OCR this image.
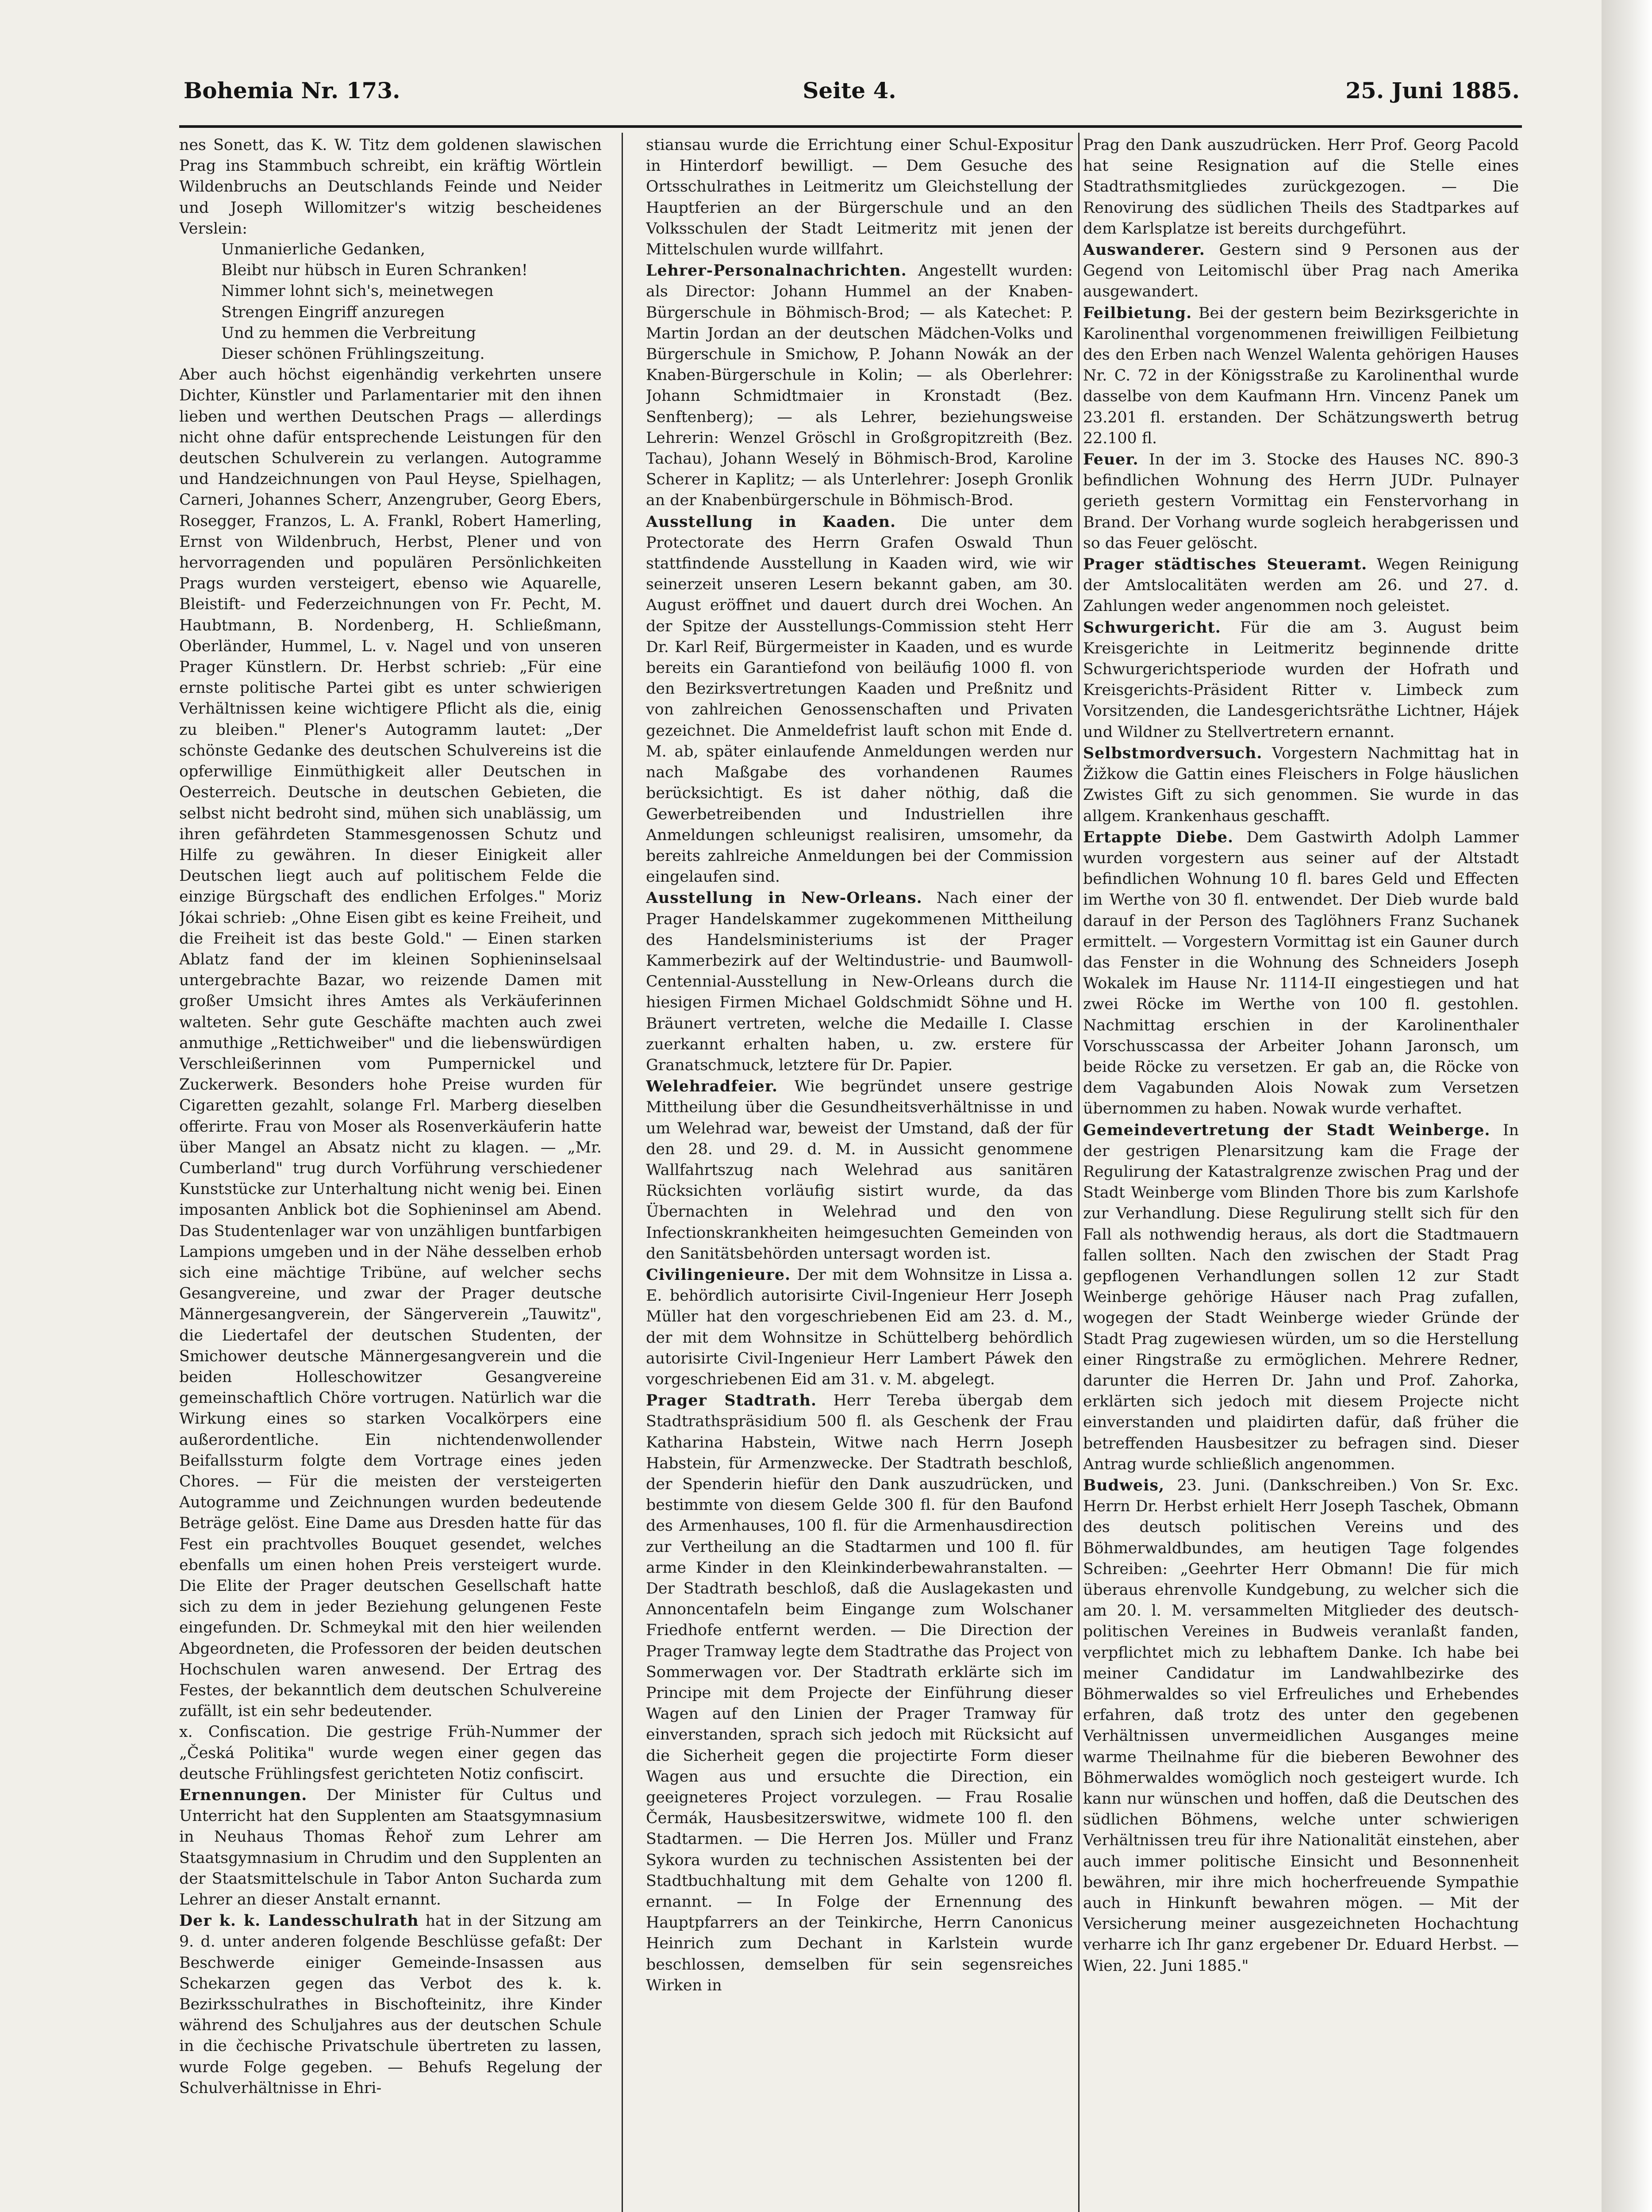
Bohemia Nr. 173.	Seite 4.	25. Juni 1885.

nes Sonett, das K. W. Titz dem goldenen slawischen Prag ins Stammbuch schreibt, ein kräftig Wörtlein Wildenbruchs an Deutschlands Feinde und Neider und Joseph Willomitzer's witzig bescheidenes Verslein:

Unmanierliche Gedanken,

Bleibt nur hübsch in Euren Schranken!

Nimmer lohnt sich's, meinetwegen

Strengen Eingriff anzuregen

Und zu hemmen die Verbreitung

Dieser schönen Frühlingszeitung.

Aber auch höchst eigenhändig verkehrten unsere Dichter, Künstler und Parlamentarier mit den ihnen lieben und werthen Deutschen Prags — allerdings nicht ohne dafür entsprechende Leistungen für den deutschen Schulverein zu verlangen. Autogramme und Handzeichnungen von Paul Heyse, Spielhagen, Carneri, Johannes Scherr, Anzengruber, Georg Ebers, Rosegger, Franzos, L. A. Frankl, Robert Hamerling, Ernst von Wildenbruch, Herbst, Plener und von hervorragenden und populären Persönlichkeiten Prags wurden versteigert, ebenso wie Aquarelle, Bleistift- und Federzeichnungen von Fr. Pecht, M. Haubtmann, B. Nordenberg, H. Schließmann, Oberländer, Hummel, L. v. Nagel und von unseren Prager Künstlern. Dr. Herbst schrieb: „Für eine ernste politische Partei gibt es unter schwierigen Verhältnissen keine wichtigere Pflicht als die, einig zu bleiben." Plener's Autogramm lautet: „Der schönste Gedanke des deutschen Schulvereins ist die opferwillige Einmüthigkeit aller Deutschen in Oesterreich. Deutsche in deutschen Gebieten, die selbst nicht bedroht sind, mühen sich unablässig, um ihren gefährdeten Stammesgenossen Schutz und Hilfe zu gewähren. In dieser Einigkeit aller Deutschen liegt auch auf politischem Felde die einzige Bürgschaft des endlichen Erfolges." Moriz Jókai schrieb: „Ohne Eisen gibt es keine Freiheit, und die Freiheit ist das beste Gold." — Einen starken Ablatz fand der im kleinen Sophieninselsaal untergebrachte Bazar, wo reizende Damen mit großer Umsicht ihres Amtes als Verkäuferinnen walteten. Sehr gute Geschäfte machten auch zwei anmuthige „Rettichweiber" und die liebenswürdigen Verschleißerinnen vom Pumpernickel und Zuckerwerk. Besonders hohe Preise wurden für Cigaretten gezahlt, solange Frl. Marberg dieselben offerirte. Frau von Moser als Rosenverkäuferin hatte über Mangel an Absatz nicht zu klagen. — „Mr. Cumberland" trug durch Vorführung verschiedener Kunststücke zur Unterhaltung nicht wenig bei. Einen imposanten Anblick bot die Sophieninsel am Abend. Das Studentenlager war von unzähligen buntfarbigen Lampions umgeben und in der Nähe desselben erhob sich eine mächtige Tribüne, auf welcher sechs Gesangvereine, und zwar der Prager deutsche Männergesangverein, der Sängerverein „Tauwitz", die Liedertafel der deutschen Studenten, der Smichower deutsche Männergesangverein und die beiden Holleschowitzer Gesangvereine gemeinschaftlich Chöre vortrugen. Natürlich war die Wirkung eines so starken Vocalkörpers eine außerordentliche. Ein nichtendenwollender Beifallssturm folgte dem Vortrage eines jeden Chores. — Für die meisten der versteigerten Autogramme und Zeichnungen wurden bedeutende Beträge gelöst. Eine Dame aus Dresden hatte für das Fest ein prachtvolles Bouquet gesendet, welches ebenfalls um einen hohen Preis versteigert wurde. Die Elite der Prager deutschen Gesellschaft hatte sich zu dem in jeder Beziehung gelungenen Feste eingefunden. Dr. Schmeykal mit den hier weilenden Abgeordneten, die Professoren der beiden deutschen Hochschulen waren anwesend. Der Ertrag des Festes, der bekanntlich dem deutschen Schulvereine zufällt, ist ein sehr bedeutender.

x. Confiscation. Die gestrige Früh-Nummer der „Česká Politika" wurde wegen einer gegen das deutsche Frühlingsfest gerichteten Notiz confiscirt.

Ernennungen. Der Minister für Cultus und Unterricht hat den Supplenten am Staatsgymnasium in Neuhaus Thomas Řehoř zum Lehrer am Staatsgymnasium in Chrudim und den Supplenten an der Staatsmittelschule in Tabor Anton Sucharda zum Lehrer an dieser Anstalt ernannt.

Der k. k. Landesschulrath hat in der Sitzung am 9. d. unter anderen folgende Beschlüsse gefaßt: Der Beschwerde einiger Gemeinde-Insassen aus Schekarzen gegen das Verbot des k. k. Bezirksschulrathes in Bischofteinitz, ihre Kinder während des Schuljahres aus der deutschen Schule in die čechische Privatschule übertreten zu lassen, wurde Folge gegeben. — Behufs Regelung der Schulverhältnisse in Ehri-

stiansau wurde die Errichtung einer Schul-Expositur in Hinterdorf bewilligt. — Dem Gesuche des Ortsschulrathes in Leitmeritz um Gleichstellung der Hauptferien an der Bürgerschule und an den Volksschulen der Stadt Leitmeritz mit jenen der Mittelschulen wurde willfahrt.

Lehrer-Personalnachrichten. Angestellt wurden: als Director: Johann Hummel an der Knaben-Bürgerschule in Böhmisch-Brod; — als Katechet: P. Martin Jordan an der deutschen Mädchen-Volks und Bürgerschule in Smichow, P. Johann Nowák an der Knaben-Bürgerschule in Kolin; — als Oberlehrer: Johann Schmidtmaier in Kronstadt (Bez. Senftenberg); — als Lehrer, beziehungsweise Lehrerin: Wenzel Gröschl in Großgropitzreith (Bez. Tachau), Johann Weselý in Böhmisch-Brod, Karoline Scherer in Kaplitz; — als Unterlehrer: Joseph Gronlik an der Knabenbürgerschule in Böhmisch-Brod.

Ausstellung in Kaaden. Die unter dem Protectorate des Herrn Grafen Oswald Thun stattfindende Ausstellung in Kaaden wird, wie wir seinerzeit unseren Lesern bekannt gaben, am 30. August eröffnet und dauert durch drei Wochen. An der Spitze der Ausstellungs-Commission steht Herr Dr. Karl Reif, Bürgermeister in Kaaden, und es wurde bereits ein Garantiefond von beiläufig 1000 fl. von den Bezirksvertretungen Kaaden und Preßnitz und von zahlreichen Genossenschaften und Privaten gezeichnet. Die Anmeldefrist lauft schon mit Ende d. M. ab, später einlaufende Anmeldungen werden nur nach Maßgabe des vorhandenen Raumes berücksichtigt. Es ist daher nöthig, daß die Gewerbetreibenden und Industriellen ihre Anmeldungen schleunigst realisiren, umsomehr, da bereits zahlreiche Anmeldungen bei der Commission eingelaufen sind.

Ausstellung in New-Orleans. Nach einer der Prager Handelskammer zugekommenen Mittheilung des Handelsministeriums ist der Prager Kammerbezirk auf der Weltindustrie- und Baumwoll-Centennial-Ausstellung in New-Orleans durch die hiesigen Firmen Michael Goldschmidt Söhne und H. Bräunert vertreten, welche die Medaille I. Classe zuerkannt erhalten haben, u. zw. erstere für Granatschmuck, letztere für Dr. Papier.

Welehradfeier. Wie begründet unsere gestrige Mittheilung über die Gesundheitsverhältnisse in und um Welehrad war, beweist der Umstand, daß der für den 28. und 29. d. M. in Aussicht genommene Wallfahrtszug nach Welehrad aus sanitären Rücksichten vorläufig sistirt wurde, da das Übernachten in Welehrad und den von Infectionskrankheiten heimgesuchten Gemeinden von den Sanitätsbehörden untersagt worden ist.

Civilingenieure. Der mit dem Wohnsitze in Lissa a. E. behördlich autorisirte Civil-Ingenieur Herr Joseph Müller hat den vorgeschriebenen Eid am 23. d. M., der mit dem Wohnsitze in Schüttelberg behördlich autorisirte Civil-Ingenieur Herr Lambert Páwek den vorgeschriebenen Eid am 31. v. M. abgelegt.

Prager Stadtrath. Herr Tereba übergab dem Stadtrathspräsidium 500 fl. als Geschenk der Frau Katharina Habstein, Witwe nach Herrn Joseph Habstein, für Armenzwecke. Der Stadtrath beschloß, der Spenderin hiefür den Dank auszudrücken, und bestimmte von diesem Gelde 300 fl. für den Baufond des Armenhauses, 100 fl. für die Armenhausdirection zur Vertheilung an die Stadtarmen und 100 fl. für arme Kinder in den Kleinkinderbewahranstalten. — Der Stadtrath beschloß, daß die Auslagekasten und Annoncentafeln beim Eingange zum Wolschaner Friedhofe entfernt werden. — Die Direction der Prager Tramway legte dem Stadtrathe das Project von Sommerwagen vor. Der Stadtrath erklärte sich im Principe mit dem Projecte der Einführung dieser Wagen auf den Linien der Prager Tramway für einverstanden, sprach sich jedoch mit Rücksicht auf die Sicherheit gegen die projectirte Form dieser Wagen aus und ersuchte die Direction, ein geeigneteres Project vorzulegen. — Frau Rosalie Čermák, Hausbesitzerswitwe, widmete 100 fl. den Stadtarmen. — Die Herren Jos. Müller und Franz Sykora wurden zu technischen Assistenten bei der Stadtbuchhaltung mit dem Gehalte von 1200 fl. ernannt. — In Folge der Ernennung des Hauptpfarrers an der Teinkirche, Herrn Canonicus Heinrich zum Dechant in Karlstein wurde beschlossen, demselben für sein segensreiches Wirken in

Prag den Dank auszudrücken. Herr Prof. Georg Pacold hat seine Resignation auf die Stelle eines Stadtrathsmitgliedes zurückgezogen. — Die Renovirung des südlichen Theils des Stadtparkes auf dem Karlsplatze ist bereits durchgeführt.

Auswanderer. Gestern sind 9 Personen aus der Gegend von Leitomischl über Prag nach Amerika ausgewandert.

Feilbietung. Bei der gestern beim Bezirksgerichte in Karolinenthal vorgenommenen freiwilligen Feilbietung des den Erben nach Wenzel Walenta gehörigen Hauses Nr. C. 72 in der Königsstraße zu Karolinenthal wurde dasselbe von dem Kaufmann Hrn. Vincenz Panek um 23.201 fl. erstanden. Der Schätzungswerth betrug 22.100 fl.

Feuer. In der im 3. Stocke des Hauses NC. 890-3 befindlichen Wohnung des Herrn JUDr. Pulnayer gerieth gestern Vormittag ein Fenstervorhang in Brand. Der Vorhang wurde sogleich herabgerissen und so das Feuer gelöscht.

Prager städtisches Steueramt. Wegen Reinigung der Amtslocalitäten werden am 26. und 27. d. Zahlungen weder angenommen noch geleistet.

Schwurgericht. Für die am 3. August beim Kreisgerichte in Leitmeritz beginnende dritte Schwurgerichtsperiode wurden der Hofrath und Kreisgerichts-Präsident Ritter v. Limbeck zum Vorsitzenden, die Landesgerichtsräthe Lichtner, Hájek und Wildner zu Stellvertretern ernannt.

Selbstmordversuch. Vorgestern Nachmittag hat in Žižkow die Gattin eines Fleischers in Folge häuslichen Zwistes Gift zu sich genommen. Sie wurde in das allgem. Krankenhaus geschafft.

Ertappte Diebe. Dem Gastwirth Adolph Lammer wurden vorgestern aus seiner auf der Altstadt befindlichen Wohnung 10 fl. bares Geld und Effecten im Werthe von 30 fl. entwendet. Der Dieb wurde bald darauf in der Person des Taglöhners Franz Suchanek ermittelt. — Vorgestern Vormittag ist ein Gauner durch das Fenster in die Wohnung des Schneiders Joseph Wokalek im Hause Nr. 1114-II eingestiegen und hat zwei Röcke im Werthe von 100 fl. gestohlen. Nachmittag erschien in der Karolinenthaler Vorschusscassa der Arbeiter Johann Jaronsch, um beide Röcke zu versetzen. Er gab an, die Röcke von dem Vagabunden Alois Nowak zum Versetzen übernommen zu haben. Nowak wurde verhaftet.

Gemeindevertretung der Stadt Weinberge. In der gestrigen Plenarsitzung kam die Frage der Regulirung der Katastralgrenze zwischen Prag und der Stadt Weinberge vom Blinden Thore bis zum Karlshofe zur Verhandlung. Diese Regulirung stellt sich für den Fall als nothwendig heraus, als dort die Stadtmauern fallen sollten. Nach den zwischen der Stadt Prag gepflogenen Verhandlungen sollen 12 zur Stadt Weinberge gehörige Häuser nach Prag zufallen, wogegen der Stadt Weinberge wieder Gründe der Stadt Prag zugewiesen würden, um so die Herstellung einer Ringstraße zu ermöglichen. Mehrere Redner, darunter die Herren Dr. Jahn und Prof. Zahorka, erklärten sich jedoch mit diesem Projecte nicht einverstanden und plaidirten dafür, daß früher die betreffenden Hausbesitzer zu befragen sind. Dieser Antrag wurde schließlich angenommen.

Budweis, 23. Juni. (Dankschreiben.) Von Sr. Exc. Herrn Dr. Herbst erhielt Herr Joseph Taschek, Obmann des deutsch politischen Vereins und des Böhmerwaldbundes, am heutigen Tage folgendes Schreiben: „Geehrter Herr Obmann! Die für mich überaus ehrenvolle Kundgebung, zu welcher sich die am 20. l. M. versammelten Mitglieder des deutsch-politischen Vereines in Budweis veranlaßt fanden, verpflichtet mich zu lebhaftem Danke. Ich habe bei meiner Candidatur im Landwahlbezirke des Böhmerwaldes so viel Erfreuliches und Erhebendes erfahren, daß trotz des unter den gegebenen Verhältnissen unvermeidlichen Ausganges meine warme Theilnahme für die bieberen Bewohner des Böhmerwaldes womöglich noch gesteigert wurde. Ich kann nur wünschen und hoffen, daß die Deutschen des südlichen Böhmens, welche unter schwierigen Verhältnissen treu für ihre Nationalität einstehen, aber auch immer politische Einsicht und Besonnenheit bewähren, mir ihre mich hocherfreuende Sympathie auch in Hinkunft bewahren mögen. — Mit der Versicherung meiner ausgezeichneten Hochachtung verharre ich Ihr ganz ergebener Dr. Eduard Herbst. — Wien, 22. Juni 1885."
